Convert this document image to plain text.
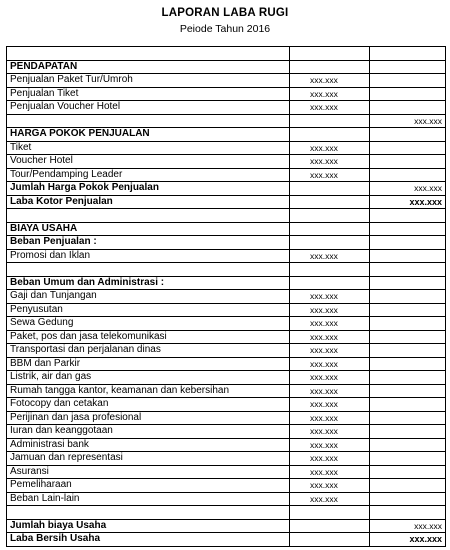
LAPORAN LABA RUGI
Peiode Tahun 2016

PENDAPATAN		
Penjualan Paket Tur/Umroh	xxx.xxx	
Penjualan Tiket	xxx.xxx	
Penjualan Voucher Hotel	xxx.xxx	
		xxx.xxx
HARGA POKOK PENJUALAN		
Tiket	xxx.xxx	
Voucher Hotel	xxx.xxx	
Tour/Pendamping Leader	xxx.xxx	
Jumlah Harga Pokok Penjualan		xxx.xxx
Laba Kotor Penjualan		xxx.xxx

BIAYA USAHA		
Beban Penjualan :		
Promosi dan Iklan	xxx.xxx	

Beban Umum dan Administrasi :		
Gaji dan Tunjangan	xxx.xxx	
Penyusutan	xxx.xxx	
Sewa Gedung	xxx.xxx	
Paket, pos dan jasa telekomunikasi	xxx.xxx	
Transportasi dan perjalanan dinas	xxx.xxx	
BBM dan Parkir	xxx.xxx	
Listrik, air dan gas	xxx.xxx	
Rumah tangga kantor, keamanan dan kebersihan	xxx.xxx	
Fotocopy dan cetakan	xxx.xxx	
Perijinan dan jasa profesional	xxx.xxx	
Iuran dan keanggotaan	xxx.xxx	
Administrasi bank	xxx.xxx	
Jamuan dan representasi	xxx.xxx	
Asuransi	xxx.xxx	
Pemeliharaan	xxx.xxx	
Beban Lain-lain	xxx.xxx	

Jumlah biaya Usaha		xxx.xxx
Laba Bersih Usaha		xxx.xxx
